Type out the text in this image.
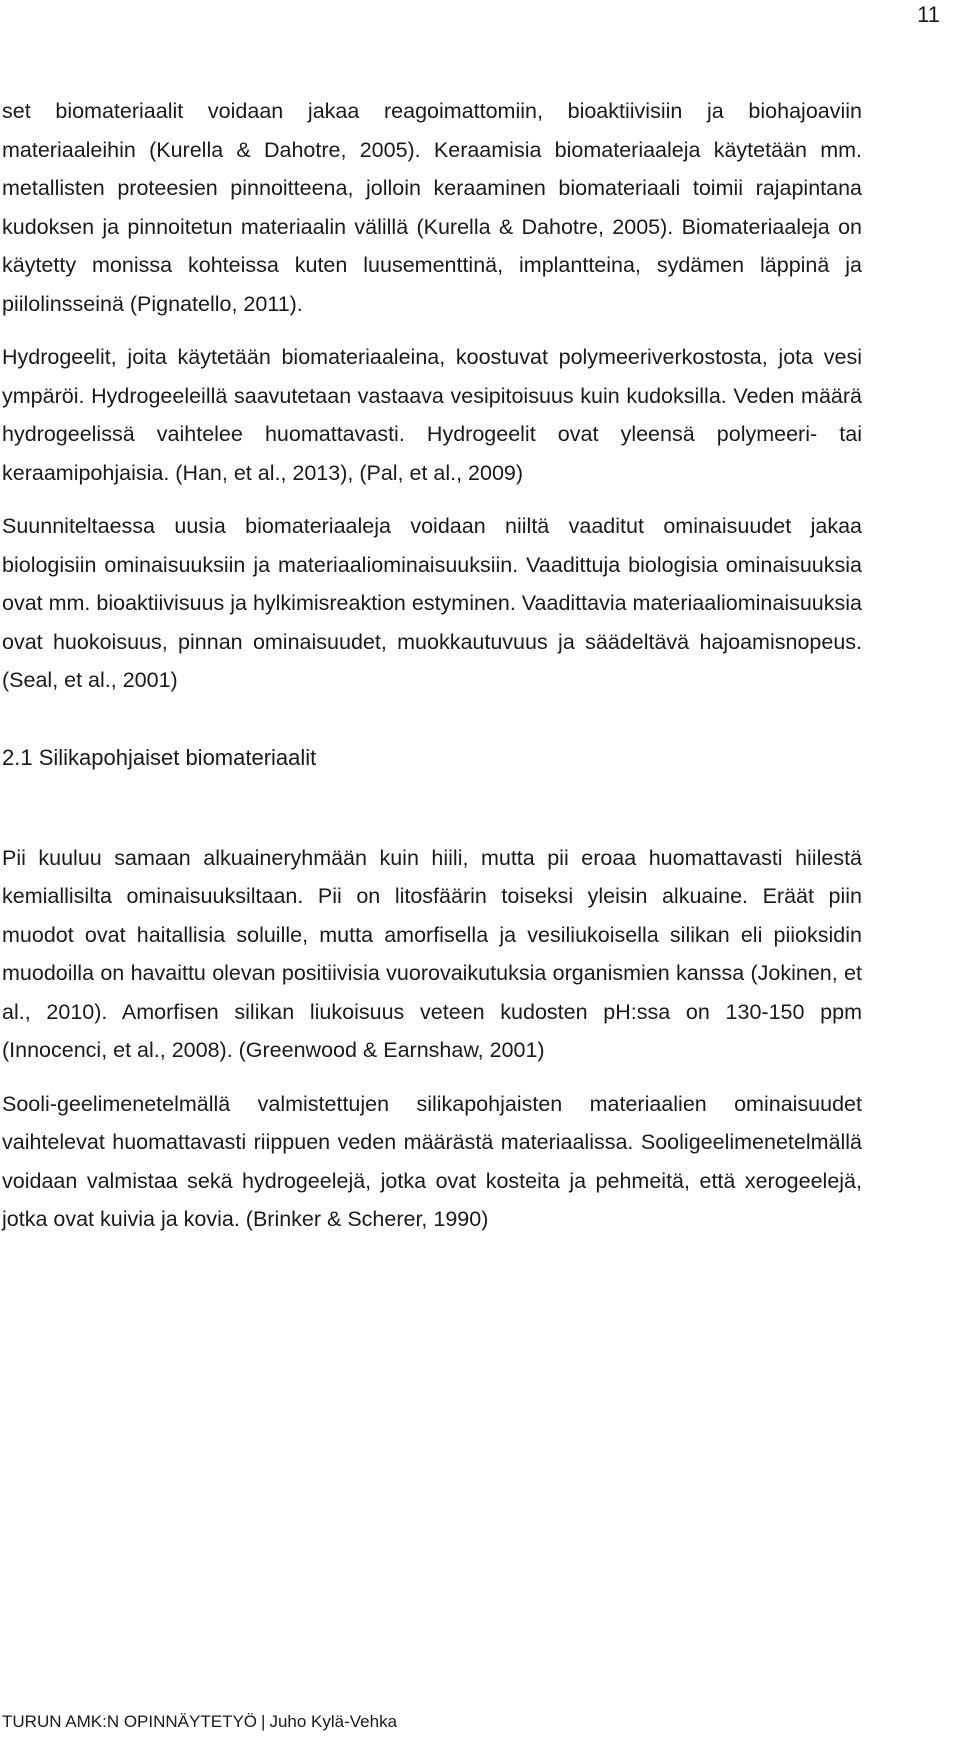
11

set biomateriaalit voidaan jakaa reagoimattomiin, bioaktiivisiin ja biohajoaviin materiaaleihin (Kurella & Dahotre, 2005). Keraamisia biomateriaaleja käytetään mm. metallisten proteesien pinnoitteena, jolloin keraaminen biomateriaali toimii rajapintana kudoksen ja pinnoitetun materiaalin välillä (Kurella & Dahotre, 2005). Biomateriaaleja on käytetty monissa kohteissa kuten luusementtinä, implantteina, sydämen läppinä ja piilolinsseinä (Pignatello, 2011).

Hydrogeelit, joita käytetään biomateriaaleina, koostuvat polymeeriverkostosta, jota vesi ympäröi. Hydrogeeleillä saavutetaan vastaava vesipitoisuus kuin kudoksilla. Veden määrä hydrogeelissä vaihtelee huomattavasti. Hydrogeelit ovat yleensä polymeeri- tai keraamipohjaisia. (Han, et al., 2013), (Pal, et al., 2009)

Suunniteltaessa uusia biomateriaaleja voidaan niiltä vaaditut ominaisuudet jakaa biologisiin ominaisuuksiin ja materiaaliominaisuuksiin. Vaadittuja biologisia ominaisuuksia ovat mm. bioaktiivisuus ja hylkimisreaktion estyminen. Vaadittavia materiaaliominaisuuksia ovat huokoisuus, pinnan ominaisuudet, muokkautuvuus ja säädeltävä hajoamisnopeus. (Seal, et al., 2001)

2.1 Silikapohjaiset biomateriaalit

Pii kuuluu samaan alkuaineryhmään kuin hiili, mutta pii eroaa huomattavasti hiilestä kemiallisilta ominaisuuksiltaan. Pii on litosfäärin toiseksi yleisin alkuaine. Eräät piin muodot ovat haitallisia soluille, mutta amorfisella ja vesiliukoisella silikan eli piioksidin muodoilla on havaittu olevan positiivisia vuorovaikutuksia organismien kanssa (Jokinen, et al., 2010). Amorfisen silikan liukoisuus veteen kudosten pH:ssa on 130-150 ppm (Innocenci, et al., 2008). (Greenwood & Earnshaw, 2001)

Sooli-geelimenetelmällä valmistettujen silikapohjaisten materiaalien ominaisuudet vaihtelevat huomattavasti riippuen veden määrästä materiaalissa. Sooligeelimenetelmällä voidaan valmistaa sekä hydrogeelejä, jotka ovat kosteita ja pehmeitä, että xerogeelejä, jotka ovat kuivia ja kovia. (Brinker & Scherer, 1990)

TURUN AMK:N OPINNÄYTETYÖ | Juho Kylä-Vehka
